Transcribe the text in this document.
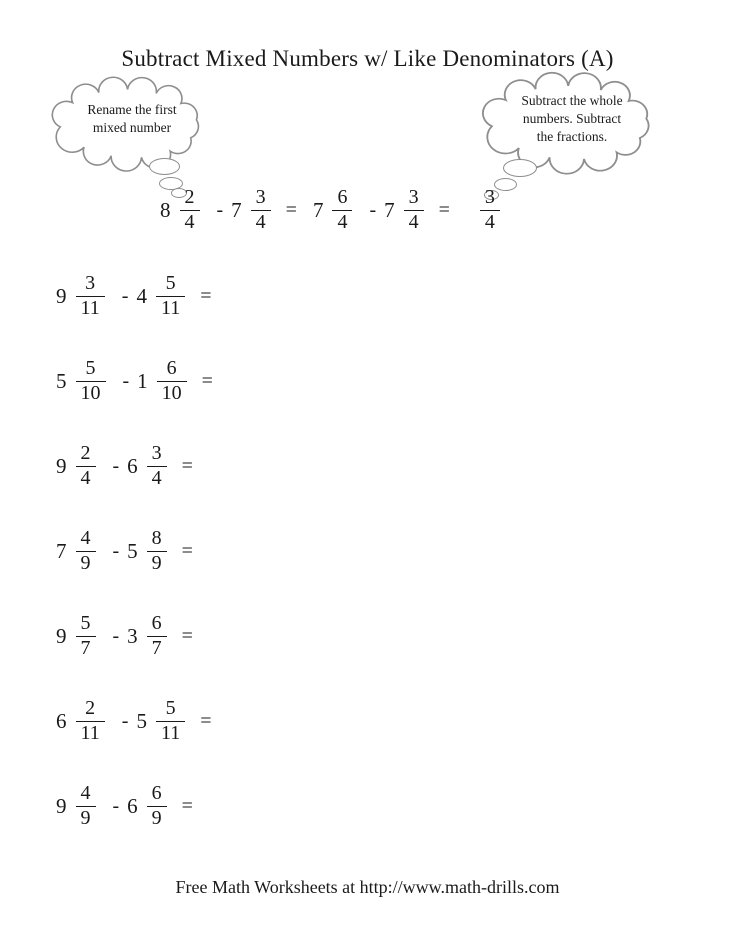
Subtract Mixed Numbers w/ Like Denominators (A)
Rename the first
mixed number
Subtract the whole
numbers. Subtract
the fractions.
$8 \frac{2}{4} - 7 \frac{3}{4} = 7 \frac{6}{4} - 7 \frac{3}{4} = \frac{3}{4}$
$9 \frac{3}{11} - 4 \frac{5}{11}$ =
$5 \frac{5}{10} - 1 \frac{6}{10}$ =
$9 \frac{2}{4} - 6 \frac{3}{4}$ =
$7 \frac{4}{9} - 5 \frac{8}{9}$ =
$9 \frac{5}{7} - 3 \frac{6}{7}$ =
$6 \frac{2}{11} - 5 \frac{5}{11}$ =
$9 \frac{4}{9} - 6 \frac{6}{9}$ =
Free Math Worksheets at http://www.math-drills.com
